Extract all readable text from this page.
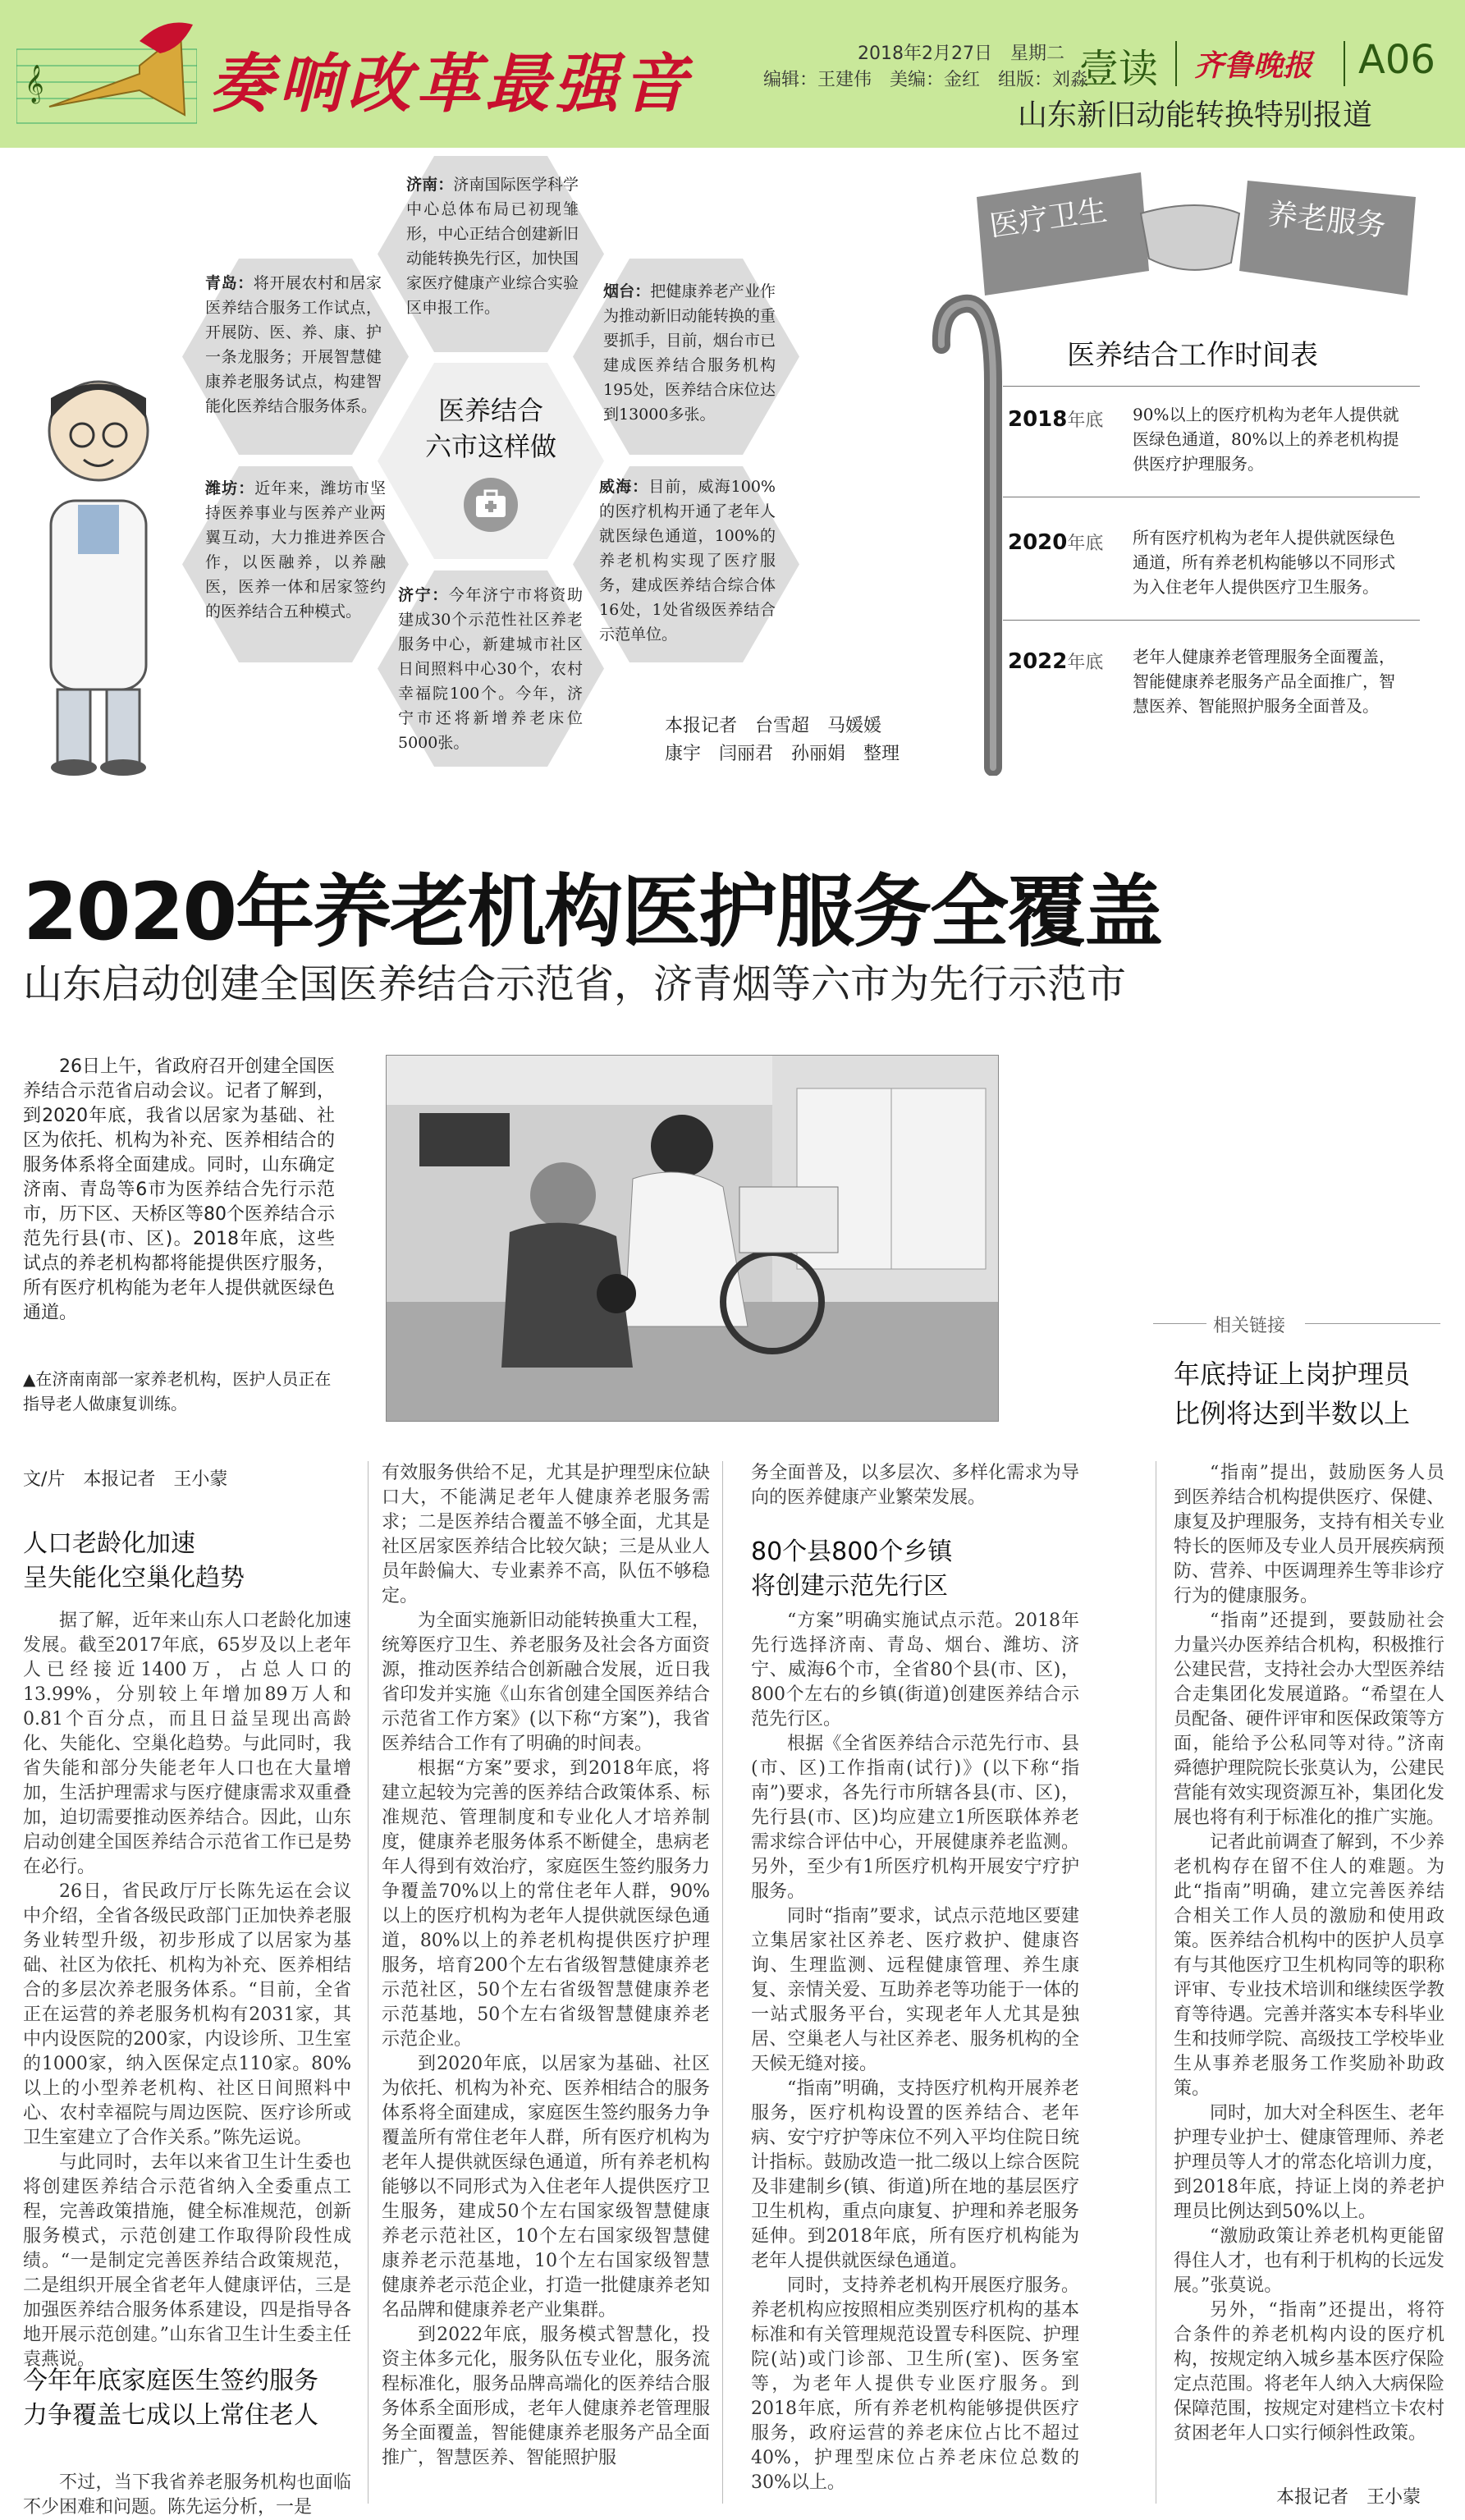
𝄞	奏响改革最强音	2018年2月27日　星期二
编辑：王建伟　美编：金红　组版：刘淼
壹读 齐鲁晚报 A06
山东新旧动能转换特别报道
济南：济南国际医学科学中心总体布局已初现雏形，中心正结合创建新旧动能转换先行区，加快国家医疗健康产业综合实验区申报工作。
青岛：将开展农村和居家医养结合服务工作试点，开展防、医、养、康、护一条龙服务；开展智慧健康养老服务试点，构建智能化医养结合服务体系。
烟台：把健康养老产业作为推动新旧动能转换的重要抓手，目前，烟台市已建成医养结合服务机构195处，医养结合床位达到13000多张。
潍坊：近年来，潍坊市坚持医养事业与医养产业两翼互动，大力推进养医合作，以医融养，以养融医，医养一体和居家签约的医养结合五种模式。
威海：目前，威海100%的医疗机构开通了老年人就医绿色通道，100%的养老机构实现了医疗服务，建成医养结合综合体16处，1处省级医养结合示范单位。
济宁：今年济宁市将资助建成30个示范性社区养老服务中心，新建城市社区日间照料中心30个，农村幸福院100个。今年，济宁市还将新增养老床位5000张。
医养结合
六市这样做
本报记者　台雪超　马媛媛
康宇　闫丽君　孙丽娟　整理
医疗卫生	养老服务
医养结合工作时间表
2018年底 90%以上的医疗机构为老年人提供就医绿色通道，80%以上的养老机构提供医疗护理服务。
2020年底 所有医疗机构为老年人提供就医绿色通道，所有养老机构能够以不同形式为入住老年人提供医疗卫生服务。
2022年底 老年人健康养老管理服务全面覆盖，智能健康养老服务产品全面推广，智慧医养、智能照护服务全面普及。
2020年养老机构医护服务全覆盖
山东启动创建全国医养结合示范省，济青烟等六市为先行示范市
26日上午，省政府召开创建全国医养结合示范省启动会议。记者了解到，到2020年底，我省以居家为基础、社区为依托、机构为补充、医养相结合的服务体系将全面建成。同时，山东确定济南、青岛等6市为医养结合先行示范市，历下区、天桥区等80个医养结合示范先行县(市、区)。2018年底，这些试点的养老机构都将能提供医疗服务，所有医疗机构能为老年人提供就医绿色通道。
▲在济南南部一家养老机构，医护人员正在指导老人做康复训练。
相关链接
年底持证上岗护理员
比例将达到半数以上

“指南”提出，鼓励医务人员到医养结合机构提供医疗、保健、康复及护理服务，支持有相关专业特长的医师及专业人员开展疾病预防、营养、中医调理养生等非诊疗行为的健康服务。

“指南”还提到，要鼓励社会力量兴办医养结合机构，积极推行公建民营，支持社会办大型医养结合走集团化发展道路。“希望在人员配备、硬件评审和医保政策等方面，能给予公私同等对待。”济南舜德护理院院长张莫认为，公建民营能有效实现资源互补，集团化发展也将有利于标准化的推广实施。

记者此前调查了解到，不少养老机构存在留不住人的难题。为此“指南”明确，建立完善医养结合相关工作人员的激励和使用政策。医养结合机构中的医护人员享有与其他医疗卫生机构同等的职称评审、专业技术培训和继续医学教育等待遇。完善并落实本专科毕业生和技师学院、高级技工学校毕业生从事养老服务工作奖励补助政策。

同时，加大对全科医生、老年护理专业护士、健康管理师、养老护理员等人才的常态化培训力度，到2018年底，持证上岗的养老护理员比例达到50%以上。

“激励政策让养老机构更能留得住人才，也有利于机构的长远发展。”张莫说。

另外，“指南”还提出，将符合条件的养老机构内设的医疗机构，按规定纳入城乡基本医疗保险定点范围。将老年人纳入大病保险保障范围，按规定对建档立卡农村贫困老年人口实行倾斜性政策。

本报记者　王小蒙
文/片　本报记者　王小蒙
人口老龄化加速
呈失能化空巢化趋势

据了解，近年来山东人口老龄化加速发展。截至2017年底，65岁及以上老年人已经接近1400万，占总人口的13.99%，分别较上年增加89万人和0.81个百分点，而且日益呈现出高龄化、失能化、空巢化趋势。与此同时，我省失能和部分失能老年人口也在大量增加，生活护理需求与医疗健康需求双重叠加，迫切需要推动医养结合。因此，山东启动创建全国医养结合示范省工作已是势在必行。

26日，省民政厅厅长陈先运在会议中介绍，全省各级民政部门正加快养老服务业转型升级，初步形成了以居家为基础、社区为依托、机构为补充、医养相结合的多层次养老服务体系。“目前，全省正在运营的养老服务机构有2031家，其中内设医院的200家，内设诊所、卫生室的1000家，纳入医保定点110家。80%以上的小型养老机构、社区日间照料中心、农村幸福院与周边医院、医疗诊所或卫生室建立了合作关系。”陈先运说。

与此同时，去年以来省卫生计生委也将创建医养结合示范省纳入全委重点工程，完善政策措施，健全标准规范，创新服务模式，示范创建工作取得阶段性成绩。“一是制定完善医养结合政策规范，二是组织开展全省老年人健康评估，三是加强医养结合服务体系建设，四是指导各地开展示范创建。”山东省卫生计生委主任袁燕说。

今年年底家庭医生签约服务
力争覆盖七成以上常住老人
不过，当下我省养老服务机构也面临不少困难和问题。陈先运分析，一是

有效服务供给不足，尤其是护理型床位缺口大，不能满足老年人健康养老服务需求；二是医养结合覆盖不够全面，尤其是社区居家医养结合比较欠缺；三是从业人员年龄偏大、专业素养不高，队伍不够稳定。

为全面实施新旧动能转换重大工程，统筹医疗卫生、养老服务及社会各方面资源，推动医养结合创新融合发展，近日我省印发并实施《山东省创建全国医养结合示范省工作方案》(以下称“方案”)，我省医养结合工作有了明确的时间表。

根据“方案”要求，到2018年底，将建立起较为完善的医养结合政策体系、标准规范、管理制度和专业化人才培养制度，健康养老服务体系不断健全，患病老年人得到有效治疗，家庭医生签约服务力争覆盖70%以上的常住老年人群，90%以上的医疗机构为老年人提供就医绿色通道，80%以上的养老机构提供医疗护理服务，培育200个左右省级智慧健康养老示范社区，50个左右省级智慧健康养老示范基地，50个左右省级智慧健康养老示范企业。

到2020年底，以居家为基础、社区为依托、机构为补充、医养相结合的服务体系将全面建成，家庭医生签约服务力争覆盖所有常住老年人群，所有医疗机构为老年人提供就医绿色通道，所有养老机构能够以不同形式为入住老年人提供医疗卫生服务，建成50个左右国家级智慧健康养老示范社区，10个左右国家级智慧健康养老示范基地，10个左右国家级智慧健康养老示范企业，打造一批健康养老知名品牌和健康养老产业集群。

到2022年底，服务模式智慧化，投资主体多元化，服务队伍专业化，服务流程标准化，服务品牌高端化的医养结合服务体系全面形成，老年人健康养老管理服务全面覆盖，智能健康养老服务产品全面推广，智慧医养、智能照护服

务全面普及，以多层次、多样化需求为导向的医养健康产业繁荣发展。
80个县800个乡镇
将创建示范先行区

“方案”明确实施试点示范。2018年先行选择济南、青岛、烟台、潍坊、济宁、威海6个市，全省80个县(市、区)，800个左右的乡镇(街道)创建医养结合示范先行区。

根据《全省医养结合示范先行市、县(市、区)工作指南(试行)》(以下称“指南”)要求，各先行市所辖各县(市、区)，先行县(市、区)均应建立1所医联体养老需求综合评估中心，开展健康养老监测。另外，至少有1所医疗机构开展安宁疗护服务。

同时“指南”要求，试点示范地区要建立集居家社区养老、医疗救护、健康咨询、生理监测、远程健康管理、养生康复、亲情关爱、互助养老等功能于一体的一站式服务平台，实现老年人尤其是独居、空巢老人与社区养老、服务机构的全天候无缝对接。

“指南”明确，支持医疗机构开展养老服务，医疗机构设置的医养结合、老年病、安宁疗护等床位不列入平均住院日统计指标。鼓励改造一批二级以上综合医院及非建制乡(镇、街道)所在地的基层医疗卫生机构，重点向康复、护理和养老服务延伸。到2018年底，所有医疗机构能为老年人提供就医绿色通道。

同时，支持养老机构开展医疗服务。养老机构应按照相应类别医疗机构的基本标准和有关管理规范设置专科医院、护理院(站)或门诊部、卫生所(室)、医务室等，为老年人提供专业医疗服务。到2018年底，所有养老机构能够提供医疗服务，政府运营的养老床位占比不超过40%，护理型床位占养老床位总数的30%以上。
